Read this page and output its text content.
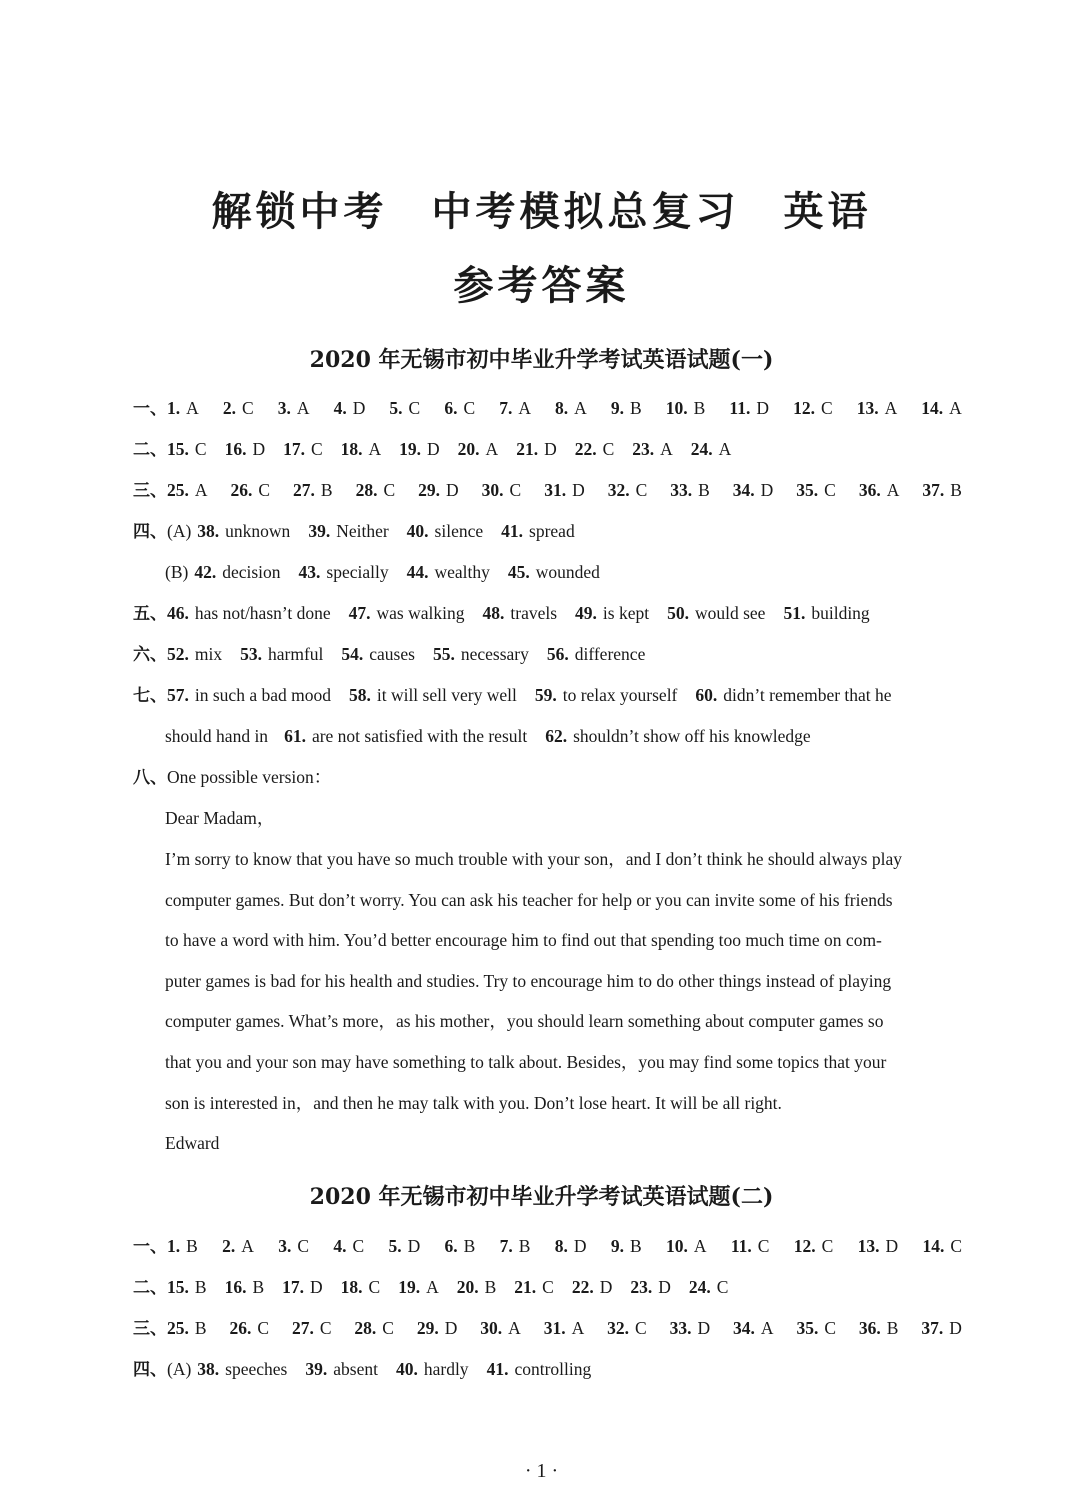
解锁中考　中考模拟总复习　英语
参考答案
2020 年无锡市初中毕业升学考试英语试题(一)
一、 1. A 2. C 3. A 4. D 5. C 6. C 7. A 8. A 9. B 10. B 11. D 12. C 13. A 14. A
二、15. C 16. D 17. C 18. A 19. D 20. A 21. D 22. C 23. A 24. A
三、 25. A 26. C 27. B 28. C 29. D 30. C 31. D 32. C 33. B 34. D 35. C 36. A 37. B
四、(A) 38. unknown 39. Neither 40. silence 41. spread
(B) 42. decision 43. specially 44. wealthy 45. wounded
五、46. has not/hasn’t done 47. was walking 48. travels 49. is kept 50. would see 51. building
六、52. mix 53. harmful 54. causes 55. necessary 56. difference
七、57. in such a bad mood 58. it will sell very well 59. to relax yourself 60. didn’t remember that he
should hand in 61. are not satisfied with the result 62. shouldn’t show off his knowledge
八、One possible version：
Dear Madam，
I’m sorry to know that you have so much trouble with your son，and I don’t think he should always play
computer games. But don’t worry. You can ask his teacher for help or you can invite some of his friends
to have a word with him. You’d better encourage him to find out that spending too much time on com-
puter games is bad for his health and studies. Try to encourage him to do other things instead of playing
computer games. What’s more，as his mother，you should learn something about computer games so
that you and your son may have something to talk about. Besides，you may find some topics that your
son is interested in，and then he may talk with you. Don’t lose heart. It will be all right.
Edward
2020 年无锡市初中毕业升学考试英语试题(二)
一、 1. B 2. A 3. C 4. C 5. D 6. B 7. B 8. D 9. B 10. A 11. C 12. C 13. D 14. C
二、15. B 16. B 17. D 18. C 19. A 20. B 21. C 22. D 23. D 24. C
三、 25. B 26. C 27. C 28. C 29. D 30. A 31. A 32. C 33. D 34. A 35. C 36. B 37. D
四、(A) 38. speeches 39. absent 40. hardly 41. controlling
· 1 ·
